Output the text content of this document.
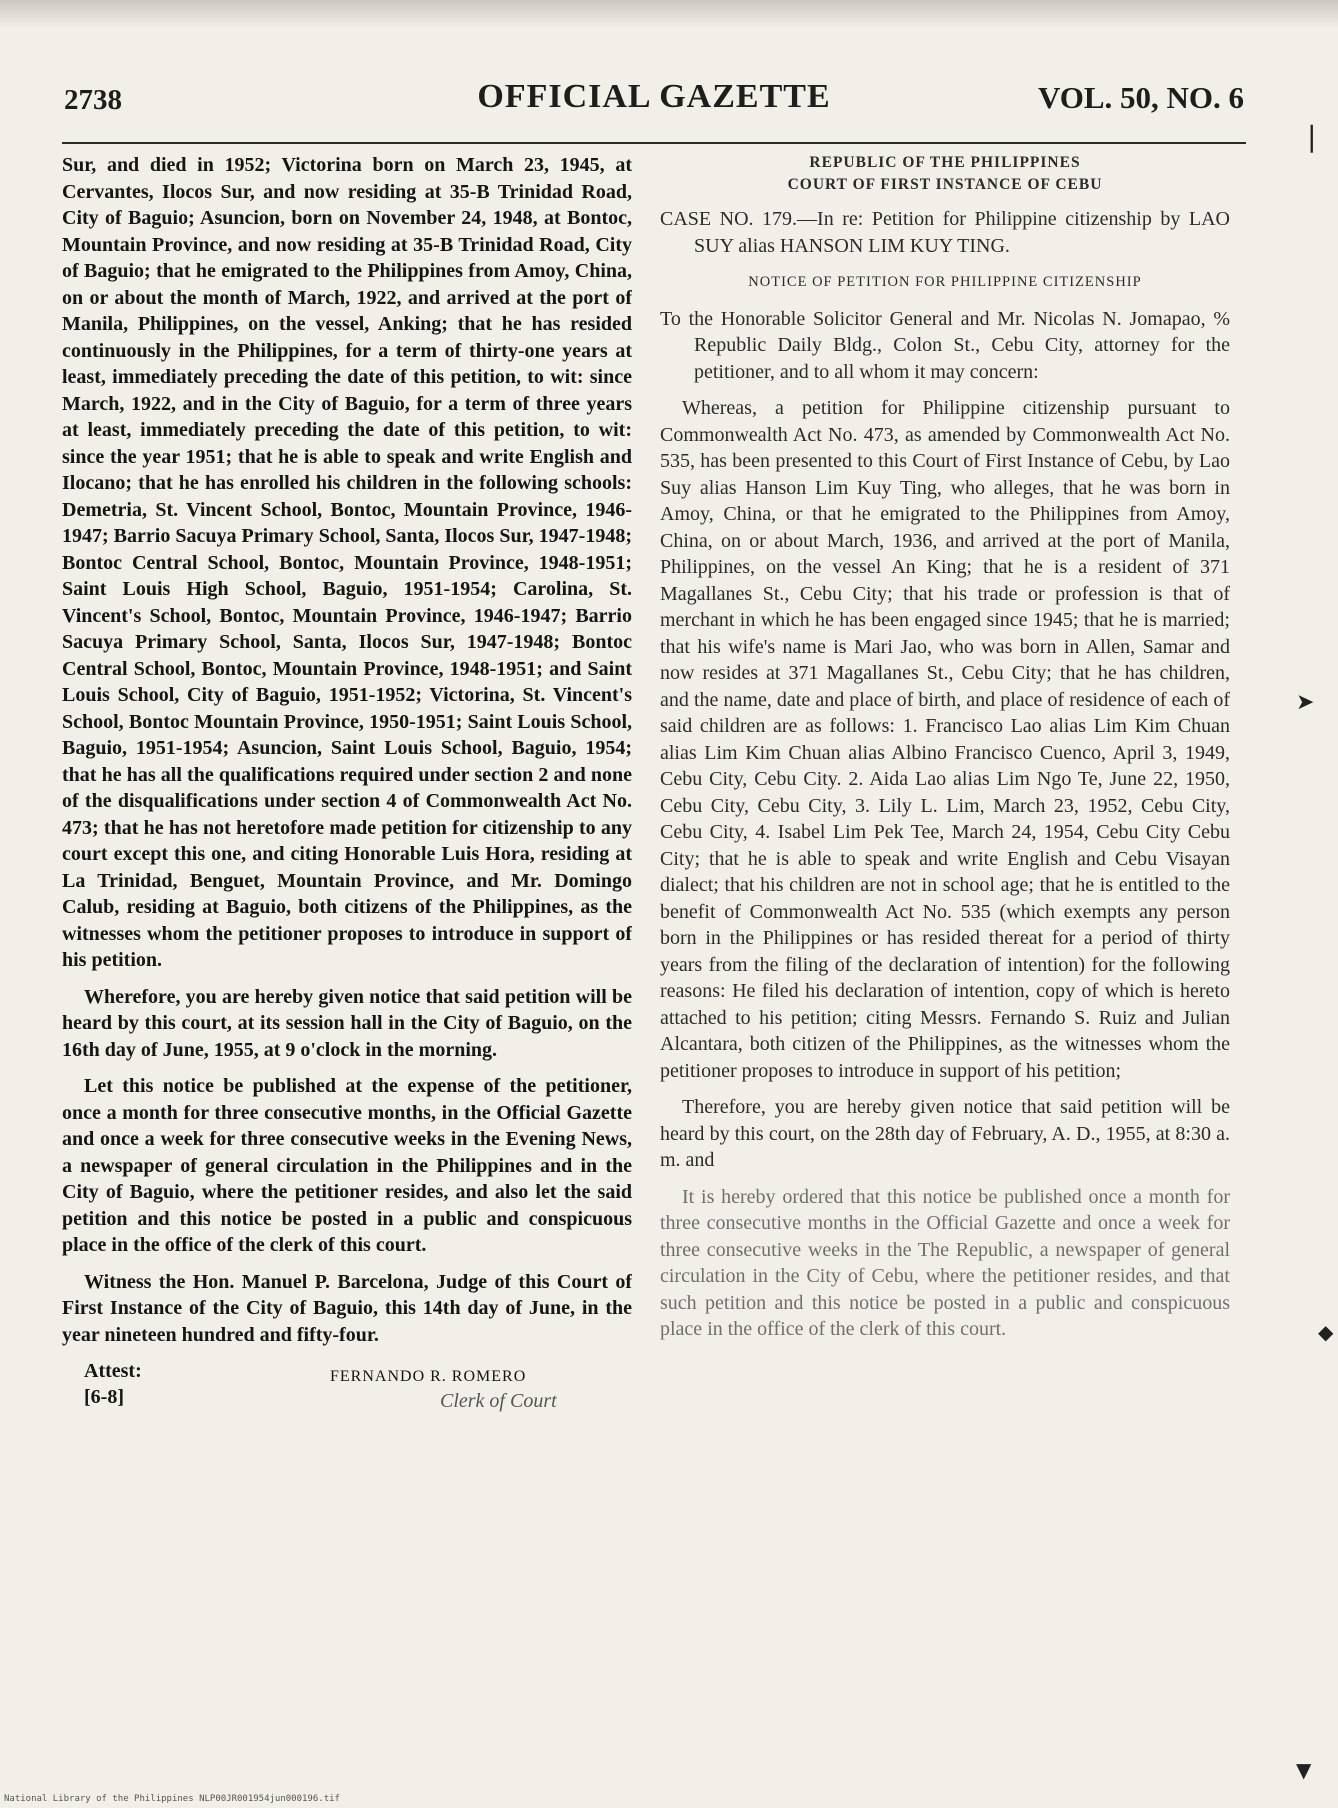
2738	OFFICIAL GAZETTE	VOL. 50, NO. 6

Sur, and died in 1952; Victorina born on March 23, 1945, at Cervantes, Ilocos Sur, and now residing at 35-B Trinidad Road, City of Baguio; Asuncion, born on November 24, 1948, at Bontoc, Mountain Province, and now residing at 35-B Trinidad Road, City of Baguio; that he emigrated to the Philippines from Amoy, China, on or about the month of March, 1922, and arrived at the port of Manila, Philippines, on the vessel, Anking; that he has resided continuously in the Philippines, for a term of thirty-one years at least, immediately preceding the date of this petition, to wit: since March, 1922, and in the City of Baguio, for a term of three years at least, immediately preceding the date of this petition, to wit: since the year 1951; that he is able to speak and write English and Ilocano; that he has enrolled his children in the following schools: Demetria, St. Vincent School, Bontoc, Mountain Province, 1946-1947; Barrio Sacuya Primary School, Santa, Ilocos Sur, 1947-1948; Bontoc Central School, Bontoc, Mountain Province, 1948-1951; Saint Louis High School, Baguio, 1951-1954; Carolina, St. Vincent's School, Bontoc, Mountain Province, 1946-1947; Barrio Sacuya Primary School, Santa, Ilocos Sur, 1947-1948; Bontoc Central School, Bontoc, Mountain Province, 1948-1951; and Saint Louis School, City of Baguio, 1951-1952; Victorina, St. Vincent's School, Bontoc Mountain Province, 1950-1951; Saint Louis School, Baguio, 1951-1954; Asuncion, Saint Louis School, Baguio, 1954; that he has all the qualifications required under section 2 and none of the disqualifications under section 4 of Commonwealth Act No. 473; that he has not heretofore made petition for citizenship to any court except this one, and citing Honorable Luis Hora, residing at La Trinidad, Benguet, Mountain Province, and Mr. Domingo Calub, residing at Baguio, both citizens of the Philippines, as the witnesses whom the petitioner proposes to introduce in support of his petition.

Wherefore, you are hereby given notice that said petition will be heard by this court, at its session hall in the City of Baguio, on the 16th day of June, 1955, at 9 o'clock in the morning.

Let this notice be published at the expense of the petitioner, once a month for three consecutive months, in the Official Gazette and once a week for three consecutive weeks in the Evening News, a newspaper of general circulation in the Philippines and in the City of Baguio, where the petitioner resides, and also let the said petition and this notice be posted in a public and conspicuous place in the office of the clerk of this court.

Witness the Hon. Manuel P. Barcelona, Judge of this Court of First Instance of the City of Baguio, this 14th day of June, in the year nineteen hundred and fifty-four.

Attest:
[6-8]
FERNANDO R. ROMERO
Clerk of Court
REPUBLIC OF THE PHILIPPINES
COURT OF FIRST INSTANCE OF CEBU

CASE NO. 179.—In re: Petition for Philippine citizenship by LAO SUY alias HANSON LIM KUY TING.

NOTICE OF PETITION FOR PHILIPPINE CITIZENSHIP

To the Honorable Solicitor General and Mr. Nicolas N. Jomapao, % Republic Daily Bldg., Colon St., Cebu City, attorney for the petitioner, and to all whom it may concern:

Whereas, a petition for Philippine citizenship pursuant to Commonwealth Act No. 473, as amended by Commonwealth Act No. 535, has been presented to this Court of First Instance of Cebu, by Lao Suy alias Hanson Lim Kuy Ting, who alleges, that he was born in Amoy, China, or that he emigrated to the Philippines from Amoy, China, on or about March, 1936, and arrived at the port of Manila, Philippines, on the vessel An King; that he is a resident of 371 Magallanes St., Cebu City; that his trade or profession is that of merchant in which he has been engaged since 1945; that he is married; that his wife's name is Mari Jao, who was born in Allen, Samar and now resides at 371 Magallanes St., Cebu City; that he has children, and the name, date and place of birth, and place of residence of each of said children are as follows: 1. Francisco Lao alias Lim Kim Chuan alias Lim Kim Chuan alias Albino Francisco Cuenco, April 3, 1949, Cebu City, Cebu City. 2. Aida Lao alias Lim Ngo Te, June 22, 1950, Cebu City, Cebu City, 3. Lily L. Lim, March 23, 1952, Cebu City, Cebu City, 4. Isabel Lim Pek Tee, March 24, 1954, Cebu City Cebu City; that he is able to speak and write English and Cebu Visayan dialect; that his children are not in school age; that he is entitled to the benefit of Commonwealth Act No. 535 (which exempts any person born in the Philippines or has resided thereat for a period of thirty years from the filing of the declaration of intention) for the following reasons: He filed his declaration of intention, copy of which is hereto attached to his petition; citing Messrs. Fernando S. Ruiz and Julian Alcantara, both citizen of the Philippines, as the witnesses whom the petitioner proposes to introduce in support of his petition;

Therefore, you are hereby given notice that said petition will be heard by this court, on the 28th day of February, A. D., 1955, at 8:30 a. m. and

It is hereby ordered that this notice be published once a month for three consecutive months in the Official Gazette and once a week for three consecutive weeks in the The Republic, a newspaper of general circulation in the City of Cebu, where the petitioner resides, and that such petition and this notice be posted in a public and conspicuous place in the office of the clerk of this court.

❘
➤
◆
▼
National Library of the Philippines NLP00JR001954jun000196.tif
